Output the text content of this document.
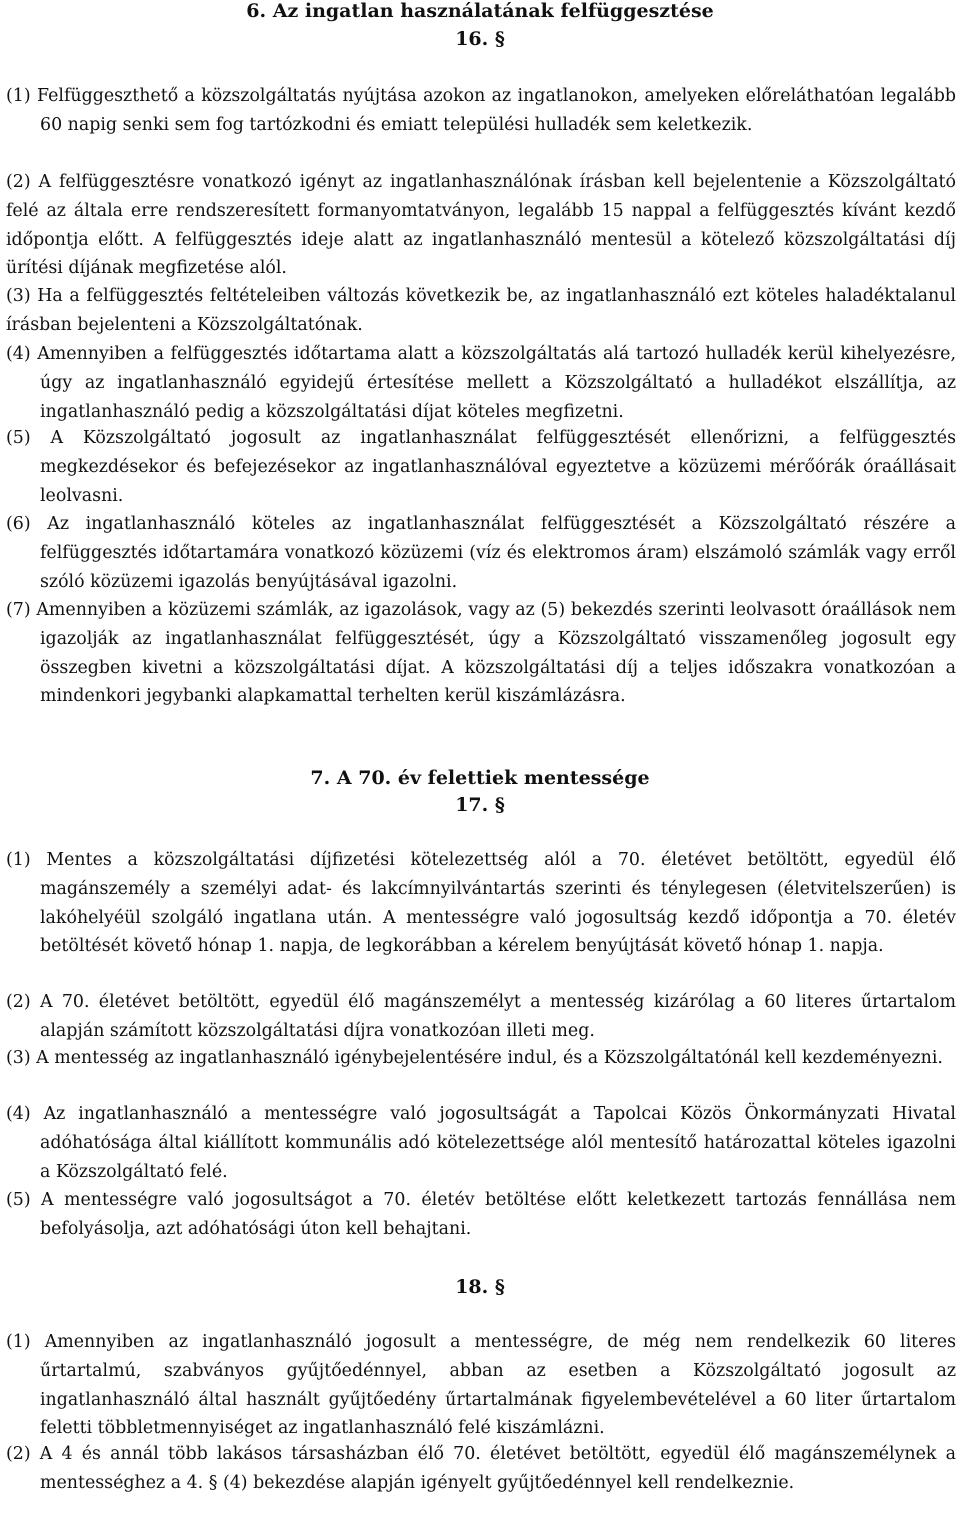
6. Az ingatlan használatának felfüggesztése
16. §
(1) Felfüggeszthető a közszolgáltatás nyújtása azokon az ingatlanokon, amelyeken előreláthatóan legalább 60 napig senki sem fog tartózkodni és emiatt települési hulladék sem keletkezik.
(2) A felfüggesztésre vonatkozó igényt az ingatlanhasználónak írásban kell bejelentenie a Közszolgáltató felé az általa erre rendszeresített formanyomtatványon, legalább 15 nappal a felfüggesztés kívánt kezdő időpontja előtt. A felfüggesztés ideje alatt az ingatlanhasználó mentesül a kötelező közszolgáltatási díj ürítési díjának megfizetése alól.
(3) Ha a felfüggesztés feltételeiben változás következik be, az ingatlanhasználó ezt köteles haladéktalanul írásban bejelenteni a Közszolgáltatónak.
(4) Amennyiben a felfüggesztés időtartama alatt a közszolgáltatás alá tartozó hulladék kerül kihelyezésre, úgy az ingatlanhasználó egyidejű értesítése mellett a Közszolgáltató a hulladékot elszállítja, az ingatlanhasználó pedig a közszolgáltatási díjat köteles megfizetni.
(5) A Közszolgáltató jogosult az ingatlanhasználat felfüggesztését ellenőrizni, a felfüggesztés megkezdésekor és befejezésekor az ingatlanhasználóval egyeztetve a közüzemi mérőórák óraállásait leolvasni.
(6) Az ingatlanhasználó köteles az ingatlanhasználat felfüggesztését a Közszolgáltató részére a felfüggesztés időtartamára vonatkozó közüzemi (víz és elektromos áram) elszámoló számlák vagy erről szóló közüzemi igazolás benyújtásával igazolni.
(7) Amennyiben a közüzemi számlák, az igazolások, vagy az (5) bekezdés szerinti leolvasott óraállások nem igazolják az ingatlanhasználat felfüggesztését, úgy a Közszolgáltató visszamenőleg jogosult egy összegben kivetni a közszolgáltatási díjat. A közszolgáltatási díj a teljes időszakra vonatkozóan a mindenkori jegybanki alapkamattal terhelten kerül kiszámlázásra.
7. A 70. év felettiek mentessége
17. §
(1) Mentes a közszolgáltatási díjfizetési kötelezettség alól a 70. életévet betöltött, egyedül élő magánszemély a személyi adat- és lakcímnyilvántartás szerinti és ténylegesen (életvitelszerűen) is lakóhelyéül szolgáló ingatlana után. A mentességre való jogosultság kezdő időpontja a 70. életév betöltését követő hónap 1. napja, de legkorábban a kérelem benyújtását követő hónap 1. napja.
(2) A 70. életévet betöltött, egyedül élő magánszemélyt a mentesség kizárólag a 60 literes űrtartalom alapján számított közszolgáltatási díjra vonatkozóan illeti meg.
(3) A mentesség az ingatlanhasználó igénybejelentésére indul, és a Közszolgáltatónál kell kezdeményezni.
(4) Az ingatlanhasználó a mentességre való jogosultságát a Tapolcai Közös Önkormányzati Hivatal adóhatósága által kiállított kommunális adó kötelezettsége alól mentesítő határozattal köteles igazolni a Közszolgáltató felé.
(5) A mentességre való jogosultságot a 70. életév betöltése előtt keletkezett tartozás fennállása nem befolyásolja, azt adóhatósági úton kell behajtani.
18. §
(1) Amennyiben az ingatlanhasználó jogosult a mentességre, de még nem rendelkezik 60 literes űrtartalmú, szabványos gyűjtőedénnyel, abban az esetben a Közszolgáltató jogosult az ingatlanhasználó által használt gyűjtőedény űrtartalmának figyelembevételével a 60 liter űrtartalom feletti többletmennyiséget az ingatlanhasználó felé kiszámlázni.
(2) A 4 és annál több lakásos társasházban élő 70. életévet betöltött, egyedül élő magánszemélynek a mentességhez a 4. § (4) bekezdése alapján igényelt gyűjtőedénnyel kell rendelkeznie.
